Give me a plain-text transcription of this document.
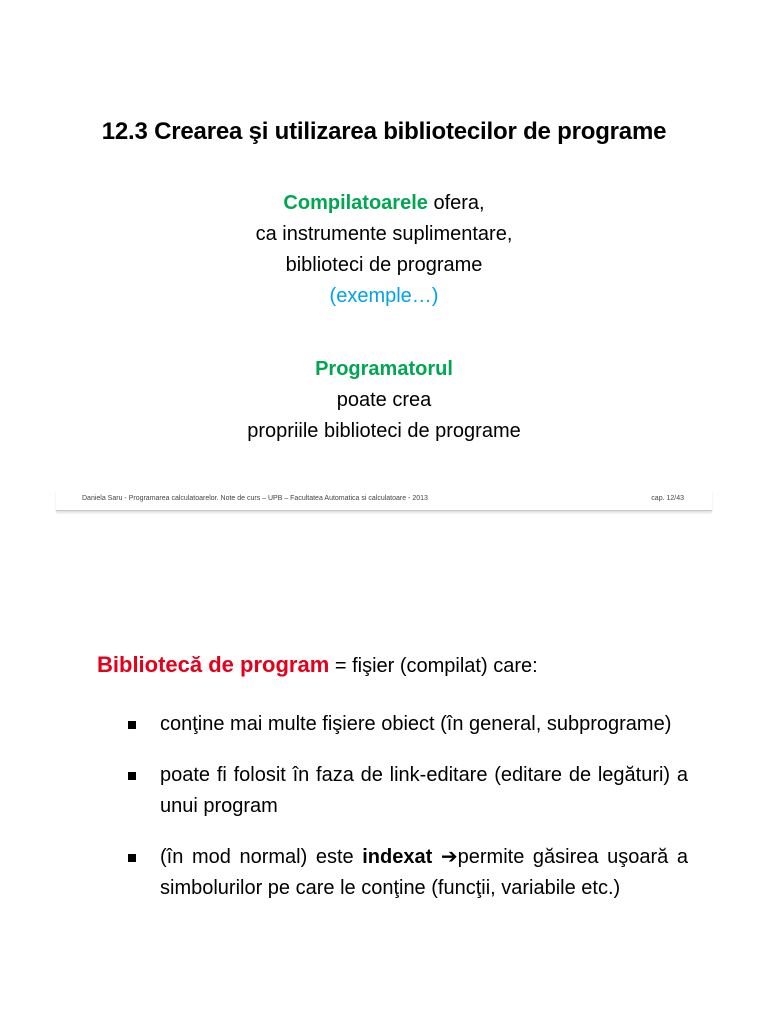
12.3 Crearea şi utilizarea bibliotecilor de programe
Compilatoarele ofera,
ca instrumente suplimentare,
biblioteci de programe
(exemple…)
Programatorul
poate crea
propriile biblioteci de programe
Daniela Saru - Programarea calculatoarelor. Note de curs – UPB – Facultatea Automatica si calculatoare - 2013	cap. 12/43
Bibliotecă de program = fişier (compilat) care:
conţine mai multe fişiere obiect (în general, subprograme)
poate fi folosit în faza de link-editare (editare de legături) a unui program
(în mod normal) este indexat ➔permite găsirea uşoară a simbolurilor pe care le conţine (funcţii, variabile etc.)
